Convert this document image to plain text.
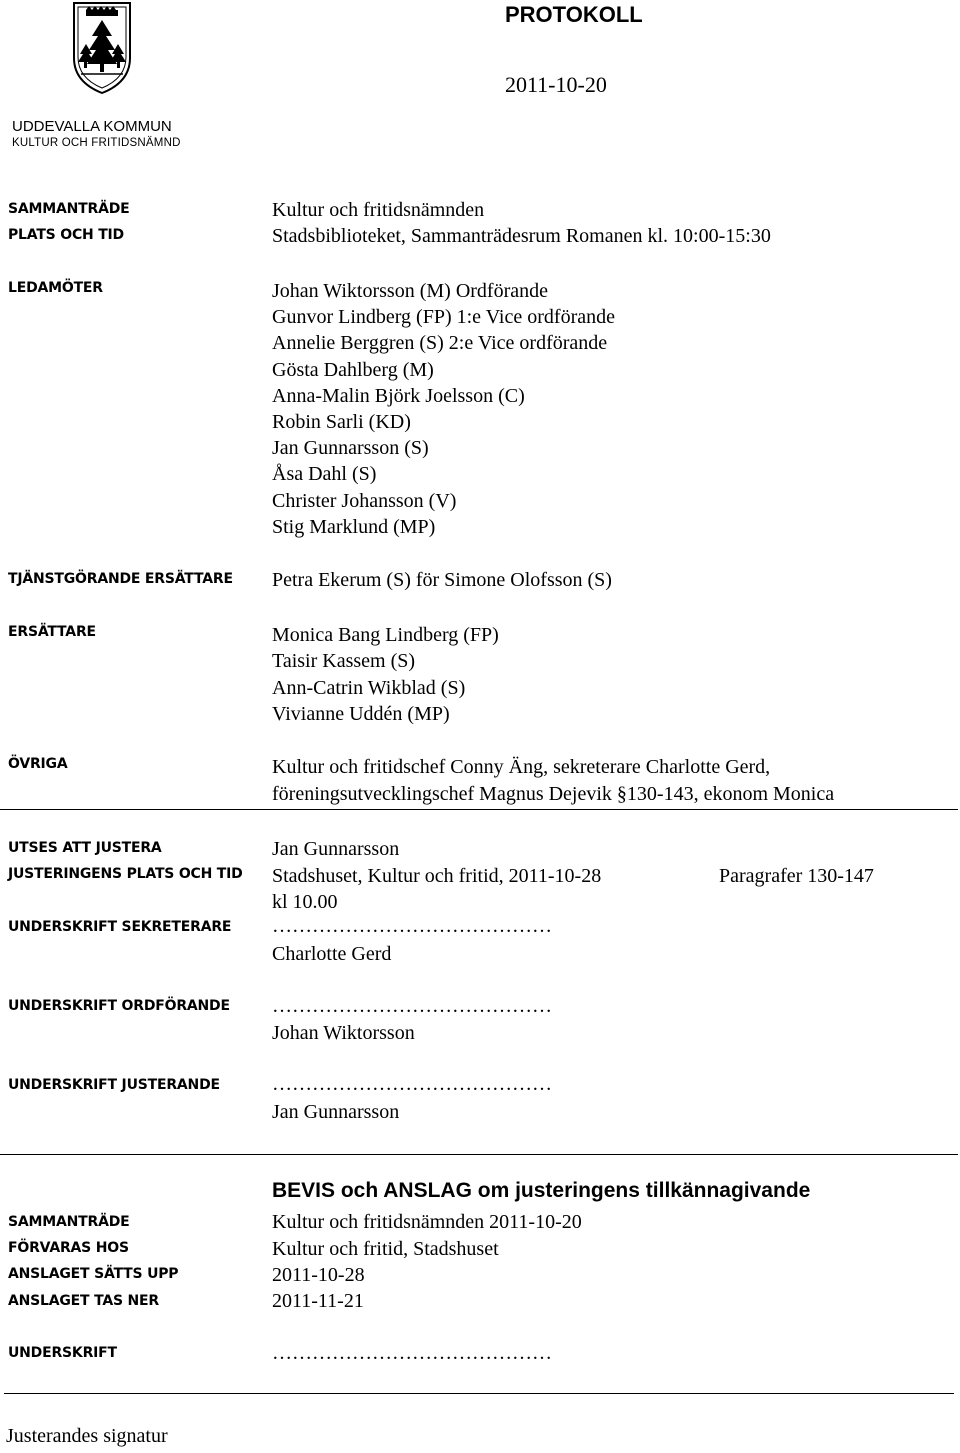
PROTOKOLL
2011-10-20
UDDEVALLA KOMMUN
KULTUR OCH FRITIDSNÄMND
SAMMANTRÄDE	Kultur och fritidsnämnden
PLATS OCH TID	Stadsbiblioteket, Sammanträdesrum Romanen kl. 10:00-15:30
LEDAMÖTER	Johan Wiktorsson (M) Ordförande
Gunvor Lindberg (FP) 1:e Vice ordförande
Annelie Berggren (S) 2:e Vice ordförande
Gösta Dahlberg (M)
Anna-Malin Björk Joelsson (C)
Robin Sarli (KD)
Jan Gunnarsson (S)
Åsa Dahl (S)
Christer Johansson (V)
Stig Marklund (MP)
TJÄNSTGÖRANDE ERSÄTTARE Petra Ekerum (S) för Simone Olofsson (S)
ERSÄTTARE	Monica Bang Lindberg (FP)
Taisir Kassem (S)
Ann-Catrin Wikblad (S)
Vivianne Uddén (MP)
ÖVRIGA	Kultur och fritidschef Conny Äng, sekreterare Charlotte Gerd,
föreningsutvecklingschef Magnus Dejevik §130-143, ekonom Monica
UTSES ATT JUSTERA	Jan Gunnarsson
JUSTERINGENS PLATS OCH TID Stadshuset, Kultur och fritid, 2011-10-28	Paragrafer 130-147
kl 10.00
UNDERSKRIFT SEKRETERARE ……………………………………
Charlotte Gerd
UNDERSKRIFT ORDFÖRANDE ……………………………………
Johan Wiktorsson
UNDERSKRIFT JUSTERANDE	……………………………………
Jan Gunnarsson
BEVIS och ANSLAG om justeringens tillkännagivande
SAMMANTRÄDE	Kultur och fritidsnämnden 2011-10-20
FÖRVARAS HOS	Kultur och fritid, Stadshuset
ANSLAGET SÄTTS UPP	2011-10-28
ANSLAGET TAS NER	2011-11-21
UNDERSKRIFT	……………………………………
Justerandes signatur
